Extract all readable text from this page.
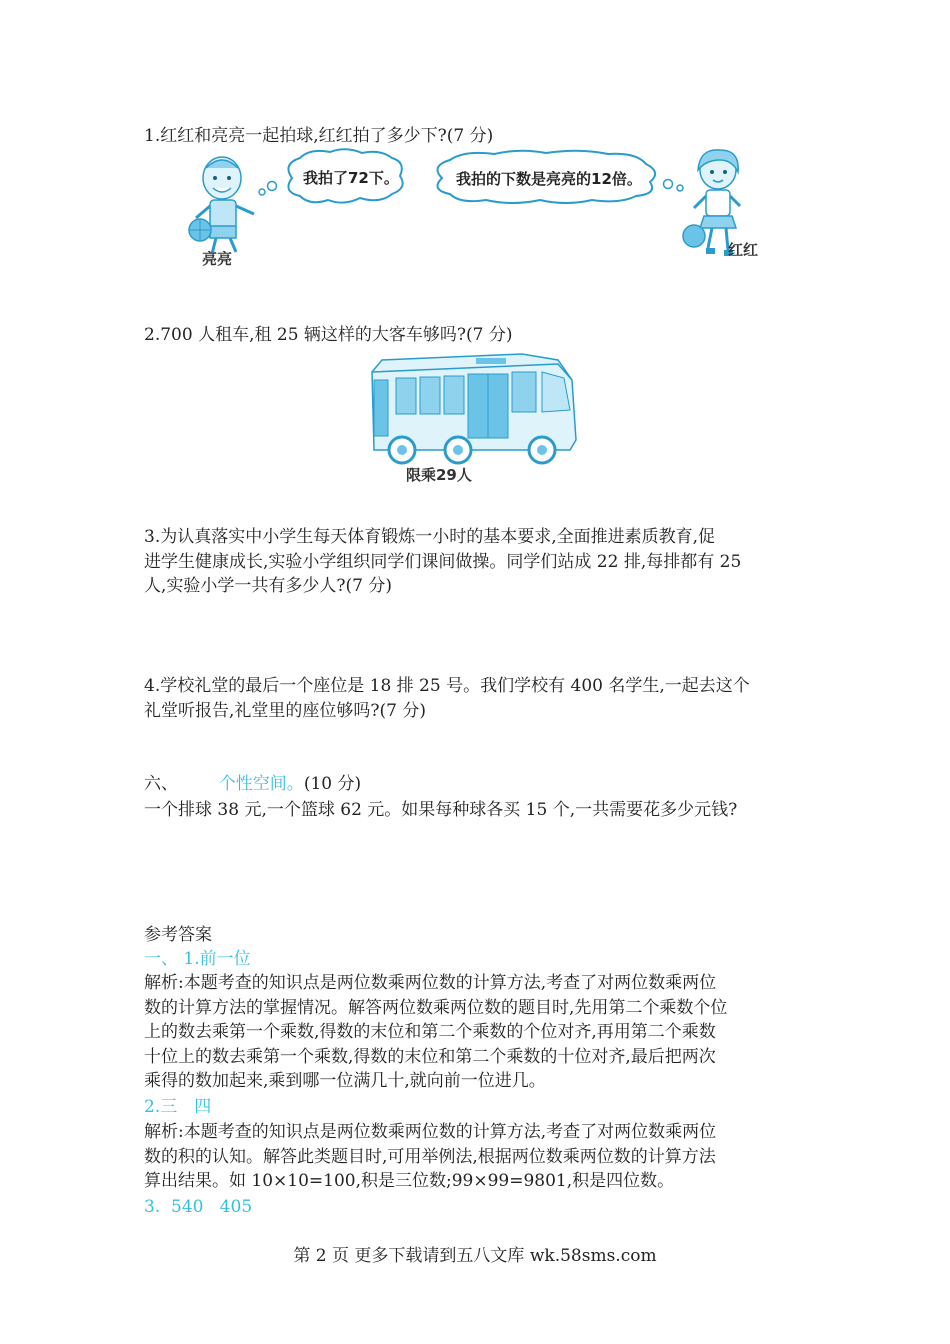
1.红红和亮亮一起拍球,红红拍了多少下?(7 分)
亮亮
我拍了72下。	我拍的下数是亮亮的12倍。
红红
2.700 人租车,租 25 辆这样的大客车够吗?(7 分)
限乘29人
3.为认真落实中小学生每天体育锻炼一小时的基本要求,全面推进素质教育,促
进学生健康成长,实验小学组织同学们课间做操。同学们站成 22 排,每排都有 25
人,实验小学一共有多少人?(7 分)
4.学校礼堂的最后一个座位是 18 排 25 号。我们学校有 400 名学生,一起去这个
礼堂听报告,礼堂里的座位够吗?(7 分)
六、 个性空间。(10 分)
一个排球 38 元,一个篮球 62 元。如果每种球各买 15 个,一共需要花多少元钱?
参考答案
一、 1.前一位
解析:本题考查的知识点是两位数乘两位数的计算方法,考查了对两位数乘两位
数的计算方法的掌握情况。解答两位数乘两位数的题目时,先用第二个乘数个位
上的数去乘第一个乘数,得数的末位和第二个乘数的个位对齐,再用第二个乘数
十位上的数去乘第一个乘数,得数的末位和第二个乘数的十位对齐,最后把两次
乘得的数加起来,乘到哪一位满几十,就向前一位进几。
2.三　四
解析:本题考查的知识点是两位数乘两位数的计算方法,考查了对两位数乘两位
数的积的认知。解答此类题目时,可用举例法,根据两位数乘两位数的计算方法
算出结果。如 10×10=100,积是三位数;99×99=9801,积是四位数。
3.  540   405
第 2 页 更多下载请到五八文库 wk.58sms.com
